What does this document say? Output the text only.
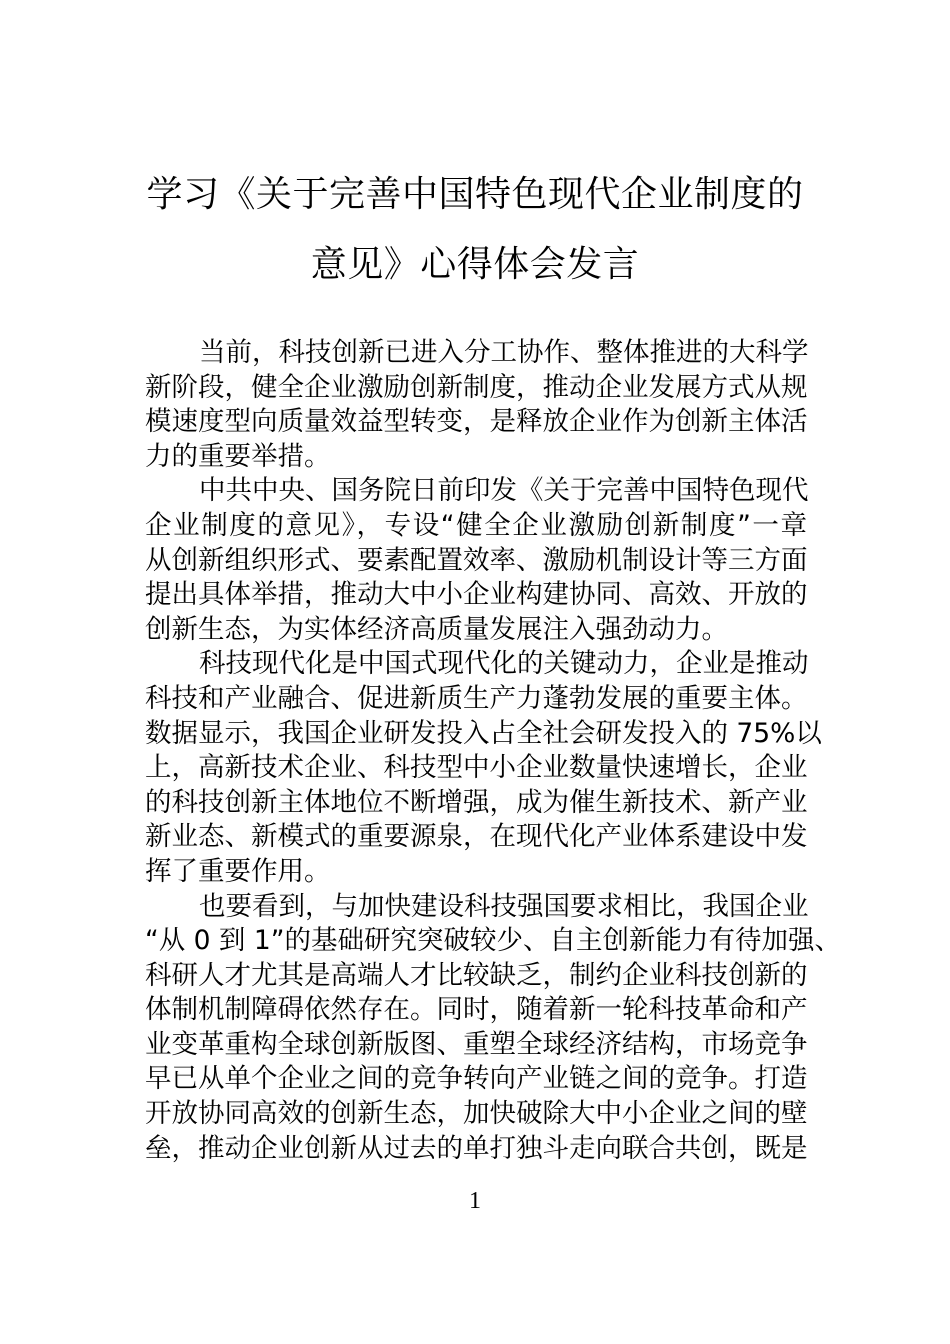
学习《关于完善中国特色现代企业制度的
意见》心得体会发言
当前，科技创新已进入分工协作、整体推进的大科学
新阶段，健全企业激励创新制度，推动企业发展方式从规
模速度型向质量效益型转变，是释放企业作为创新主体活
力的重要举措。
中共中央、国务院日前印发《关于完善中国特色现代
企业制度的意见》，专设“健全企业激励创新制度”一章
从创新组织形式、要素配置效率、激励机制设计等三方面
提出具体举措，推动大中小企业构建协同、高效、开放的
创新生态，为实体经济高质量发展注入强劲动力。
科技现代化是中国式现代化的关键动力，企业是推动
科技和产业融合、促进新质生产力蓬勃发展的重要主体。
数据显示，我国企业研发投入占全社会研发投入的 75%以
上，高新技术企业、科技型中小企业数量快速增长，企业
的科技创新主体地位不断增强，成为催生新技术、新产业
新业态、新模式的重要源泉，在现代化产业体系建设中发
挥了重要作用。
也要看到，与加快建设科技强国要求相比，我国企业
“从 0 到 1”的基础研究突破较少、自主创新能力有待加强、
科研人才尤其是高端人才比较缺乏，制约企业科技创新的
体制机制障碍依然存在。同时，随着新一轮科技革命和产
业变革重构全球创新版图、重塑全球经济结构，市场竞争
早已从单个企业之间的竞争转向产业链之间的竞争。打造
开放协同高效的创新生态，加快破除大中小企业之间的壁
垒，推动企业创新从过去的单打独斗走向联合共创，既是
1
